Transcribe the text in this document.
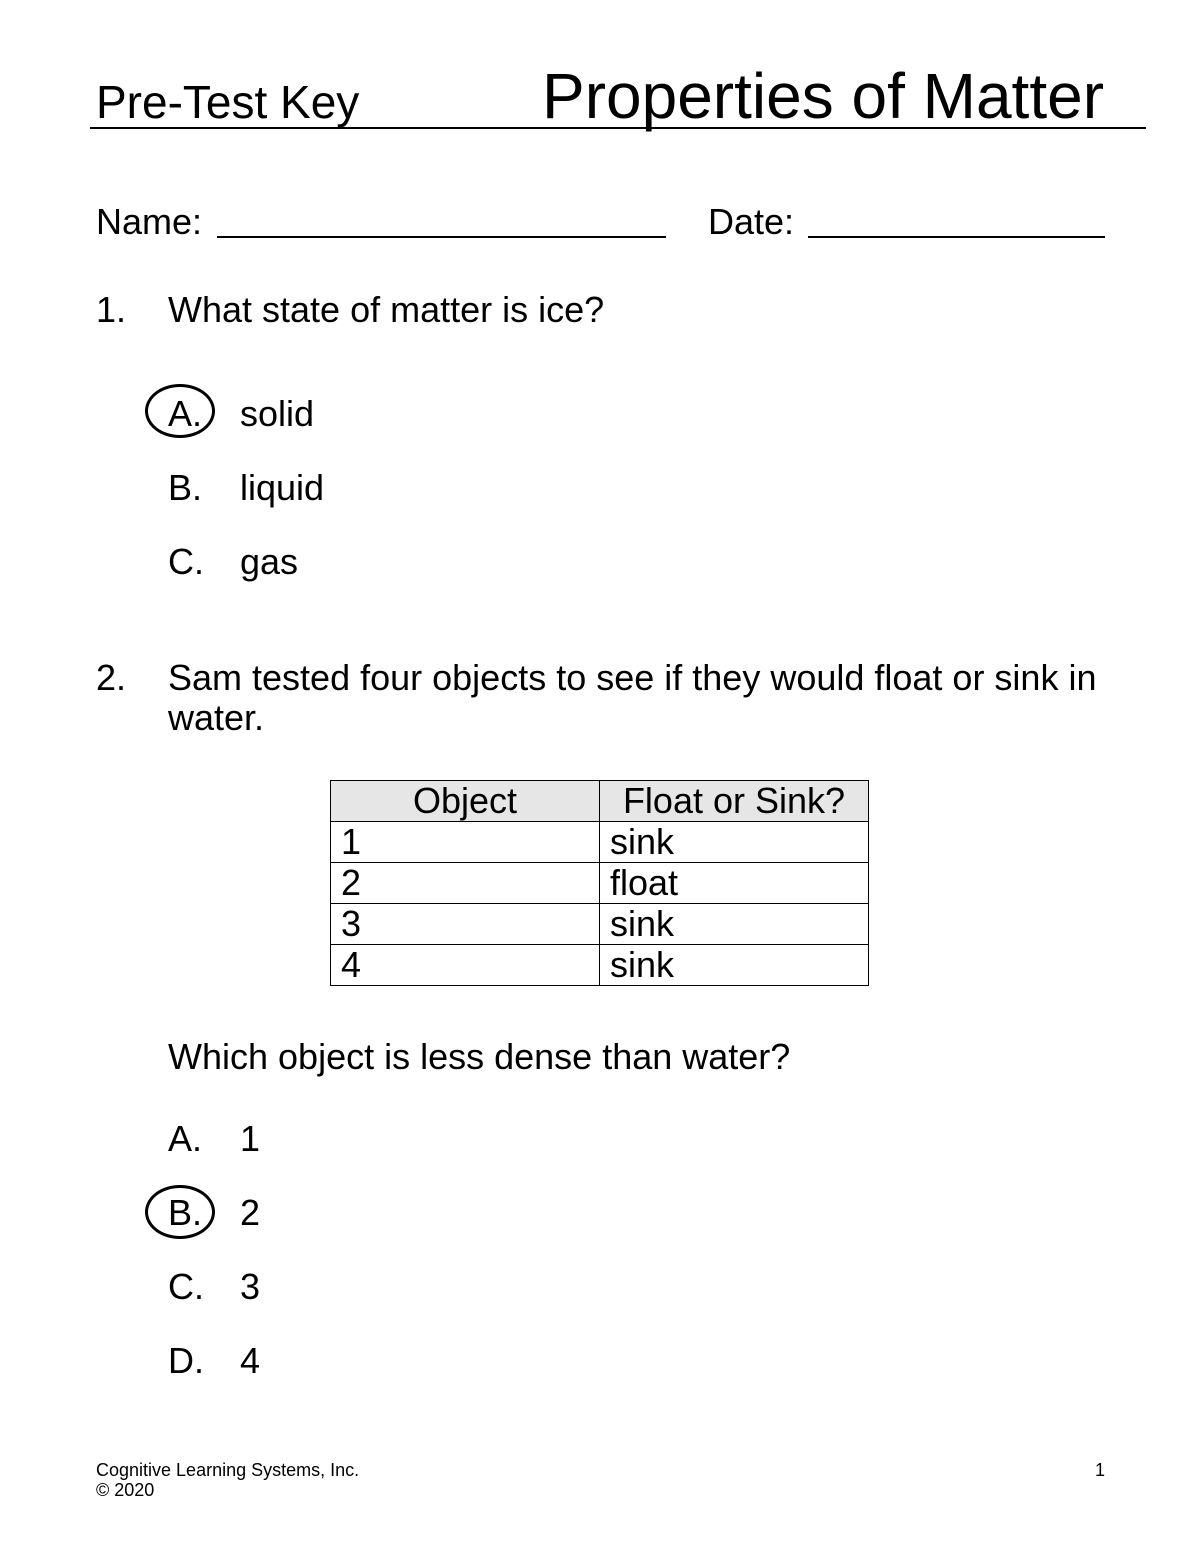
Pre-Test Key	Properties of Matter
Name:	Date:
1. What state of matter is ice?
A. solid
B. liquid
C. gas
2. Sam tested four objects to see if they would float or sink in
water.
Object	Float or Sink?
1	sink
2	float
3	sink
4	sink
Which object is less dense than water?
A. 1
B. 2
C. 3
D. 4
Cognitive Learning Systems, Inc.
© 2020
1
